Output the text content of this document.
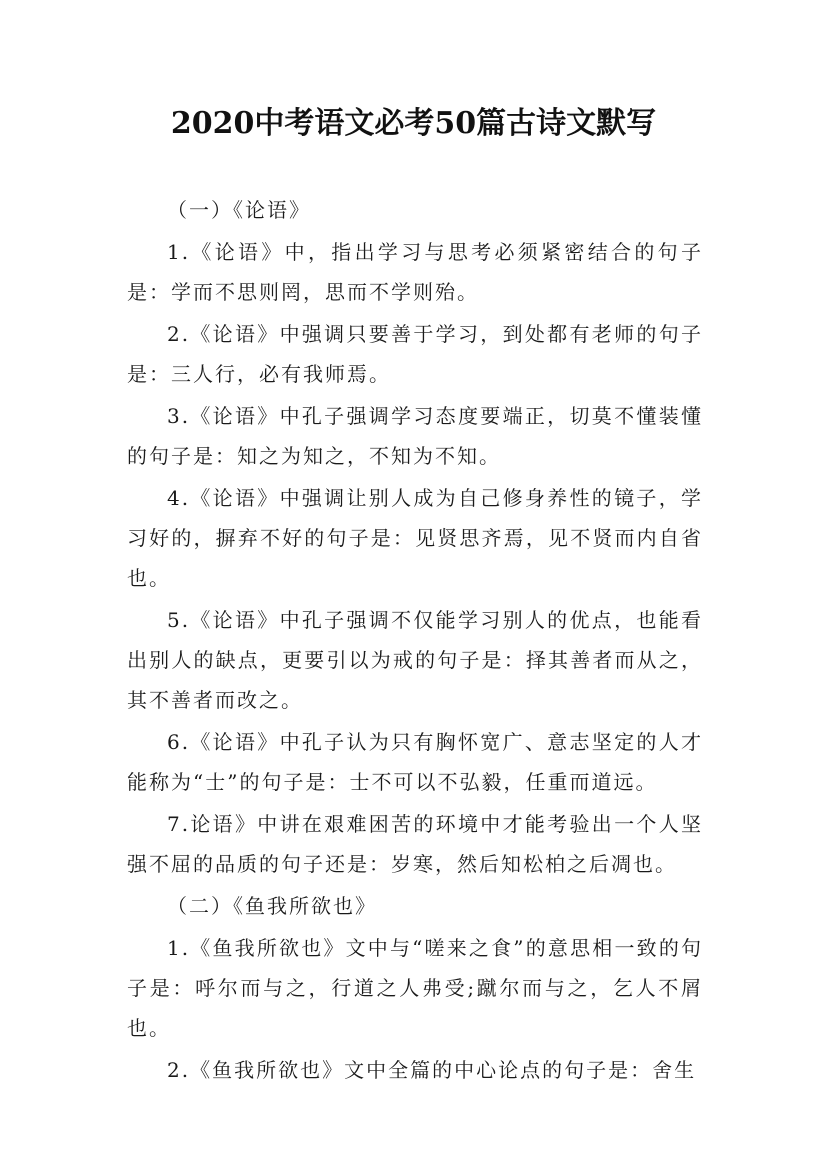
2020中考语文必考50篇古诗文默写

（一）《论语》

1.《论语》中，指出学习与思考必须紧密结合的句子是：学而不思则罔，思而不学则殆。

2.《论语》中强调只要善于学习，到处都有老师的句子是：三人行，必有我师焉。

3.《论语》中孔子强调学习态度要端正，切莫不懂装懂的句子是：知之为知之，不知为不知。

4.《论语》中强调让别人成为自己修身养性的镜子，学习好的，摒弃不好的句子是：见贤思齐焉，见不贤而内自省也。

5.《论语》中孔子强调不仅能学习别人的优点，也能看出别人的缺点，更要引以为戒的句子是：择其善者而从之，其不善者而改之。

6.《论语》中孔子认为只有胸怀宽广、意志坚定的人才能称为“士”的句子是：士不可以不弘毅，任重而道远。

7.论语》中讲在艰难困苦的环境中才能考验出一个人坚强不屈的品质的句子还是：岁寒，然后知松柏之后凋也。

（二）《鱼我所欲也》

1.《鱼我所欲也》文中与“嗟来之食”的意思相一致的句子是：呼尔而与之，行道之人弗受;蹴尔而与之，乞人不屑也。

2.《鱼我所欲也》文中全篇的中心论点的句子是：舍生
